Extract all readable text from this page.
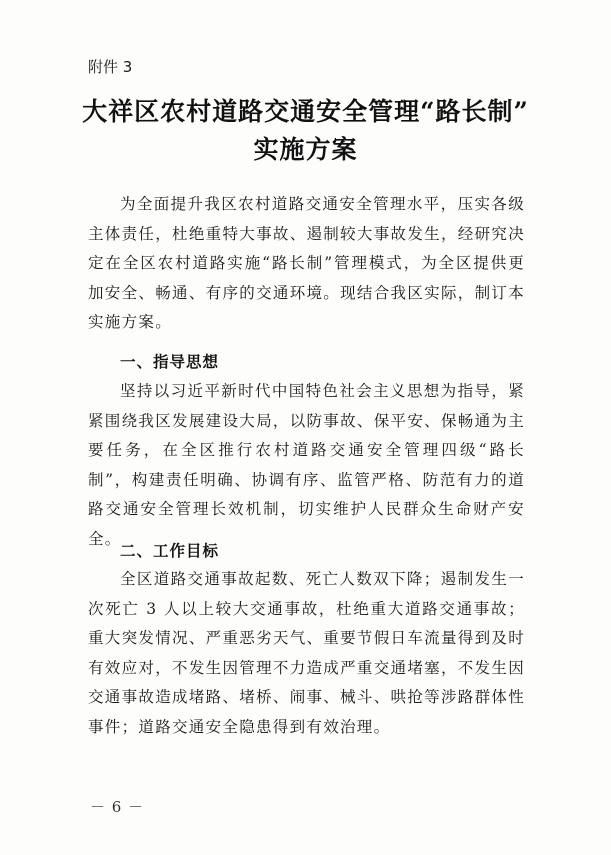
附件 3
大祥区农村道路交通安全管理“路长制”
实施方案
为全面提升我区农村道路交通安全管理水平，压实各级主体责任，杜绝重特大事故、遏制较大事故发生，经研究决定在全区农村道路实施“路长制”管理模式，为全区提供更加安全、畅通、有序的交通环境。现结合我区实际，制订本实施方案。
一、指导思想
坚持以习近平新时代中国特色社会主义思想为指导，紧紧围绕我区发展建设大局，以防事故、保平安、保畅通为主要任务，在全区推行农村道路交通安全管理四级“路长制”，构建责任明确、协调有序、监管严格、防范有力的道路交通安全管理长效机制，切实维护人民群众生命财产安全。
二、工作目标
全区道路交通事故起数、死亡人数双下降；遏制发生一次死亡 3 人以上较大交通事故，杜绝重大道路交通事故；重大突发情况、严重恶劣天气、重要节假日车流量得到及时有效应对，不发生因管理不力造成严重交通堵塞，不发生因交通事故造成堵路、堵桥、闹事、械斗、哄抢等涉路群体性事件；道路交通安全隐患得到有效治理。
－ 6 －
